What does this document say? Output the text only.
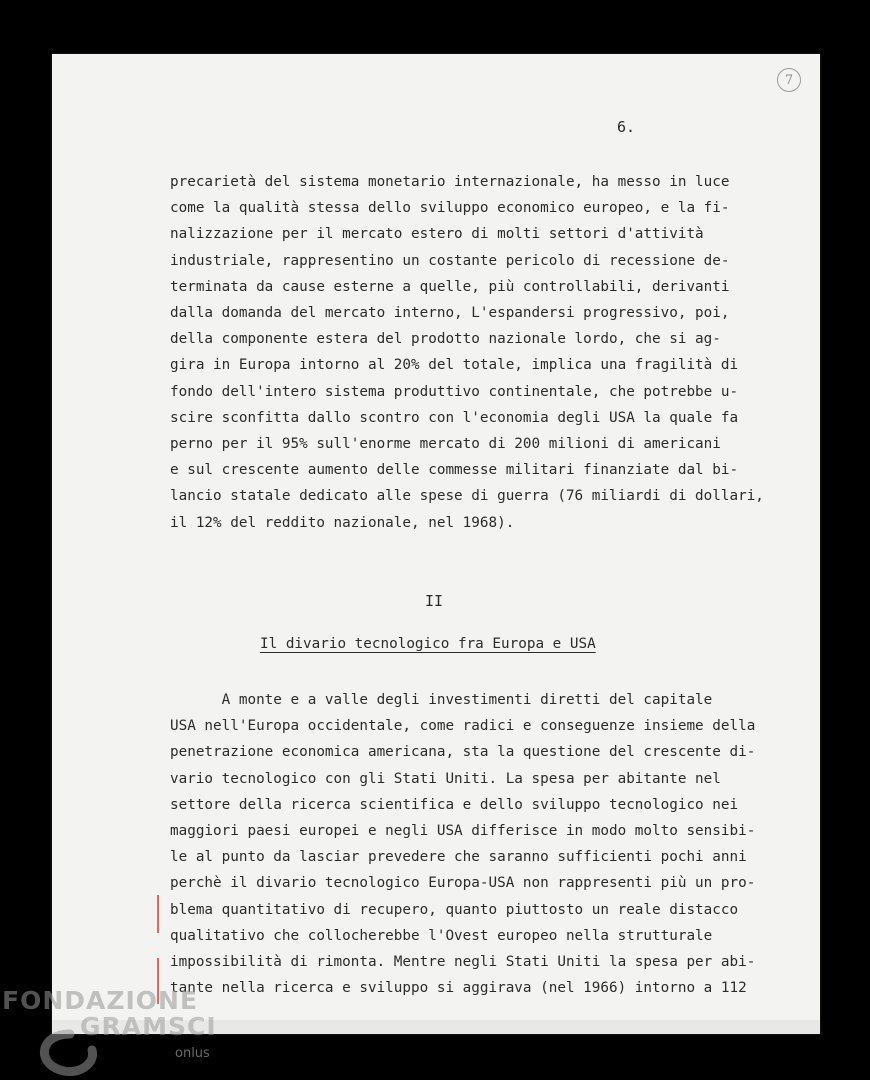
7
6.
precarietà del sistema monetario internazionale, ha messo in luce
come la qualità stessa dello sviluppo economico europeo, e la fi-
nalizzazione per il mercato estero di molti settori d'attività
industriale, rappresentino un costante pericolo di recessione de-
terminata da cause esterne a quelle, più controllabili, derivanti
dalla domanda del mercato interno, L'espandersi progressivo, poi,
della componente estera del prodotto nazionale lordo, che si ag-
gira in Europa intorno al 20% del totale, implica una fragilità di
fondo dell'intero sistema produttivo continentale, che potrebbe u-
scire sconfitta dallo scontro con l'economia degli USA la quale fa
perno per il 95% sull'enorme mercato di 200 milioni di americani
e sul crescente aumento delle commesse militari finanziate dal bi-
lancio statale dedicato alle spese di guerra (76 miliardi di dollari,
il 12% del reddito nazionale, nel 1968).
II
Il divario tecnologico fra Europa e USA
A monte e a valle degli investimenti diretti del capitale
USA nell'Europa occidentale, come radici e conseguenze insieme della
penetrazione economica americana, sta la questione del crescente di-
vario tecnologico con gli Stati Uniti. La spesa per abitante nel
settore della ricerca scientifica e dello sviluppo tecnologico nei
maggiori paesi europei e negli USA differisce in modo molto sensibi-
le al punto da lasciar prevedere che saranno sufficienti pochi anni
perchè il divario tecnologico Europa-USA non rappresenti più un pro-
blema quantitativo di recupero, quanto piuttosto un reale distacco
qualitativo che collocherebbe l'Ovest europeo nella strutturale
impossibilità di rimonta. Mentre negli Stati Uniti la spesa per abi-
tante nella ricerca e sviluppo si aggirava (nel 1966) intorno a 112
FONDAZIONE
GRAMSCI
onlus
